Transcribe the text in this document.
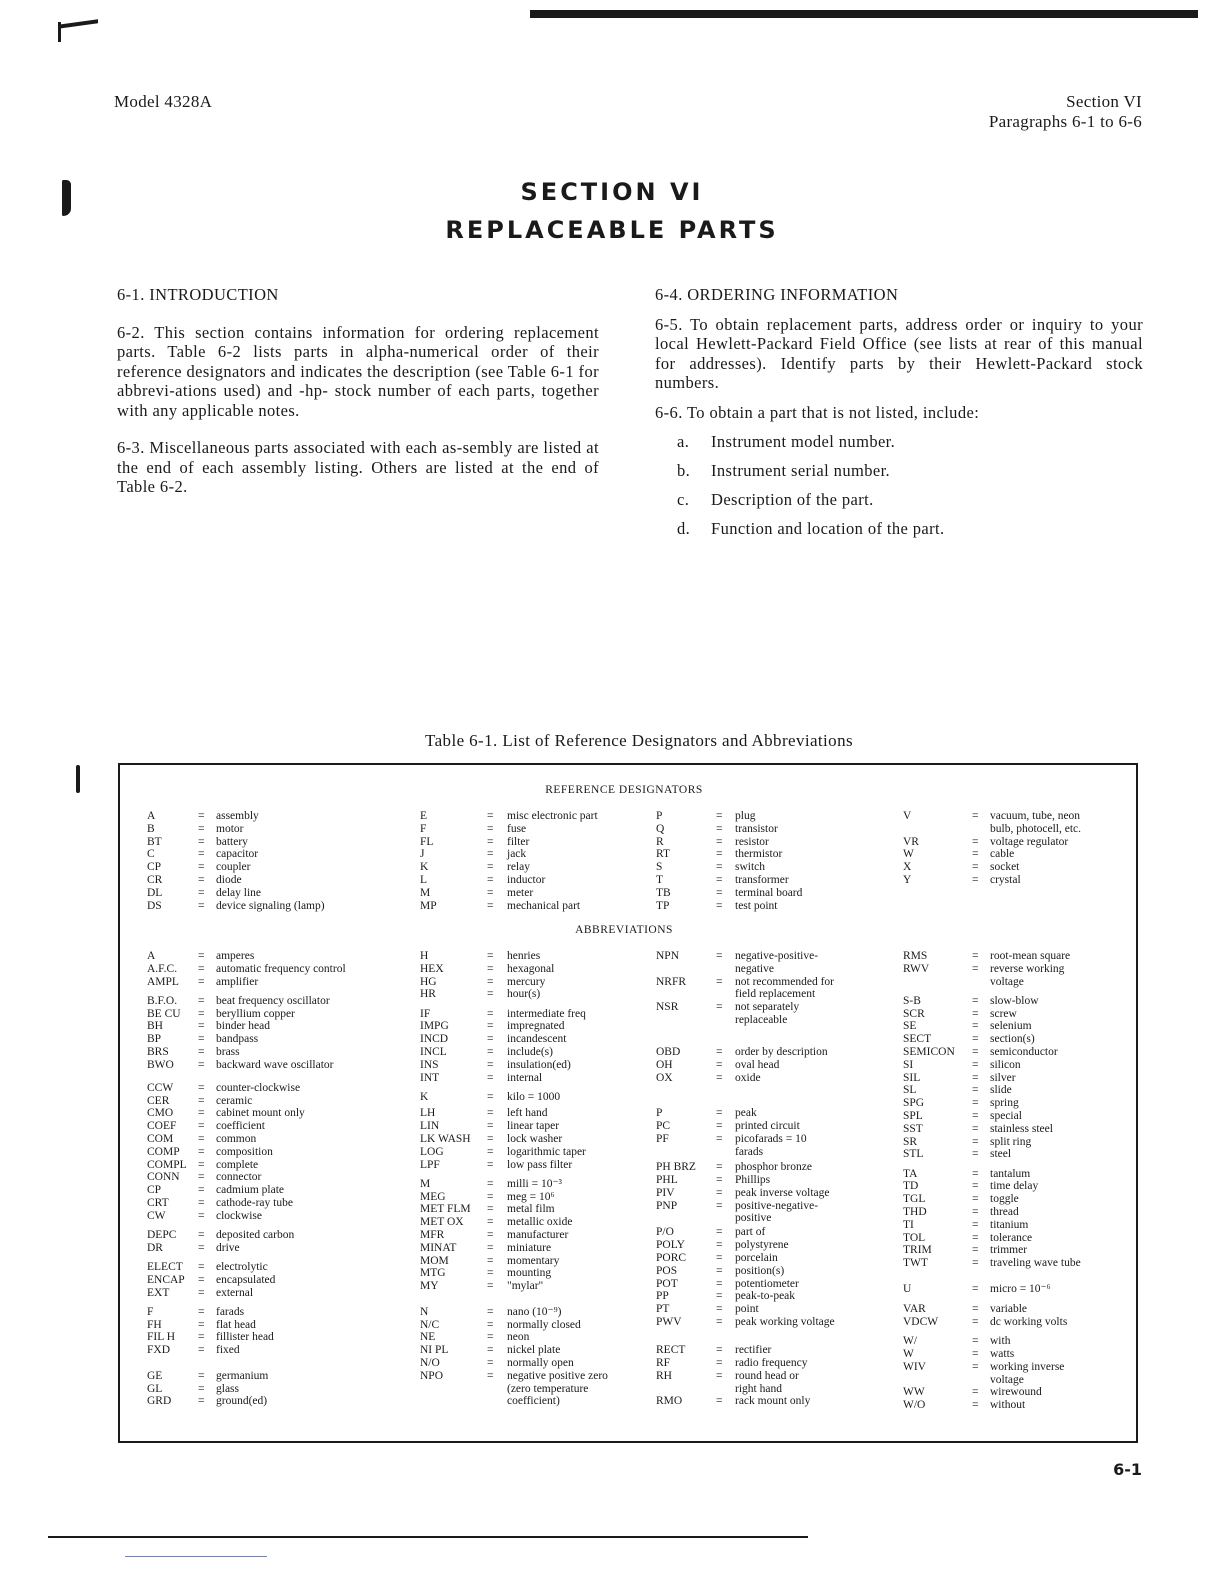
Model 4328A	Section VI
Paragraphs 6-1 to 6-6
SECTION VI
REPLACEABLE PARTS

6-1. INTRODUCTION

6-2. This section contains information for ordering replacement parts. Table 6-2 lists parts in alpha-numerical order of their reference designators and indicates the description (see Table 6-1 for abbrevi-ations used) and -hp- stock number of each parts, together with any applicable notes.

6-3. Miscellaneous parts associated with each as-sembly are listed at the end of each assembly listing. Others are listed at the end of Table 6-2.

6-4. ORDERING INFORMATION

6-5. To obtain replacement parts, address order or inquiry to your local Hewlett-Packard Field Office (see lists at rear of this manual for addresses). Identify parts by their Hewlett-Packard stock numbers.

6-6. To obtain a part that is not listed, include:

a.	Instrument model number.
b.	Instrument serial number.
c.	Description of the part.
d.	Function and location of the part.
Table 6-1. List of Reference Designators and Abbreviations
REFERENCE DESIGNATORS
ABBREVIATIONS
A	= assembly
B	= motor
BT	= battery
C	= capacitor
CP	= coupler
CR	= diode
DL	= delay line
DS	= device signaling (lamp)
E	= misc electronic part
F	= fuse
FL	= filter
J	= jack
K	= relay
L	= inductor
M	= meter
MP	= mechanical part
P	= plug
Q	= transistor
R	= resistor
RT	= thermistor
S	= switch
T	= transformer
TB	= terminal board
TP	= test point
V	= vacuum, tube, neon
bulb, photocell, etc.
VR	= voltage regulator
W	= cable
X	= socket
Y	= crystal
A	= amperes
A.F.C. = automatic frequency control
AMPL = amplifier
B.F.O. = beat frequency oscillator
BE CU = beryllium copper
BH	= binder head
BP	= bandpass
BRS	= brass
BWO = backward wave oscillator
CCW = counter-clockwise
CER = ceramic
CMO = cabinet mount only
COEF = coefficient
COM = common
COMP = composition
COMPL = complete
CONN = connector
CP	= cadmium plate
CRT	= cathode-ray tube
CW	= clockwise
DEPC = deposited carbon
DR	= drive
ELECT = electrolytic
ENCAP = encapsulated
EXT = external
F	= farads
FH	= flat head
FIL H = fillister head
FXD = fixed
GE	= germanium
GL	= glass
GRD = ground(ed)
H	= henries
HEX	= hexagonal
HG	= mercury
HR	= hour(s)
IF	= intermediate freq
IMPG	= impregnated
INCD	= incandescent
INCL	= include(s)
INS	= insulation(ed)
INT	= internal
K	= kilo = 1000
LH	= left hand
LIN	= linear taper
LK WASH = lock washer
LOG	= logarithmic taper
LPF	= low pass filter
M	= milli = 10⁻³
MEG	= meg = 10⁶
MET FLM = metal film
MET OX = metallic oxide
MFR	= manufacturer
MINAT	= miniature
MOM	= momentary
MTG	= mounting
MY	= "mylar"
N	= nano (10⁻⁹)
N/C	= normally closed
NE	= neon
NI PL	= nickel plate
N/O	= normally open
NPO	= negative positive zero
(zero temperature
coefficient)
NPN	= negative-positive-
negative
NRFR	= not recommended for
field replacement
NSR	= not separately
replaceable
OBD	= order by description
OH	= oval head
OX	= oxide
P	= peak
PC	= printed circuit
PF	= picofarads = 10
farads
PH BRZ = phosphor bronze
PHL	= Phillips
PIV	= peak inverse voltage
PNP	= positive-negative-
positive
P/O	= part of
POLY	= polystyrene
PORC	= porcelain
POS	= position(s)
POT	= potentiometer
PP	= peak-to-peak
PT	= point
PWV	= peak working voltage
RECT	= rectifier
RF	= radio frequency
RH	= round head or
right hand
RMO	= rack mount only
RMS	= root-mean square
RWV	= reverse working
voltage
S-B	= slow-blow
SCR	= screw
SE	= selenium
SECT	= section(s)
SEMICON = semiconductor
SI	= silicon
SIL	= silver
SL	= slide
SPG	= spring
SPL	= special
SST	= stainless steel
SR	= split ring
STL	= steel
TA	= tantalum
TD	= time delay
TGL	= toggle
THD	= thread
TI	= titanium
TOL	= tolerance
TRIM	= trimmer
TWT	= traveling wave tube
U	= micro = 10⁻⁶
VAR	= variable
VDCW	= dc working volts
W/	= with
W	= watts
WIV	= working inverse
voltage
WW	= wirewound
W/O	= without
6-1
